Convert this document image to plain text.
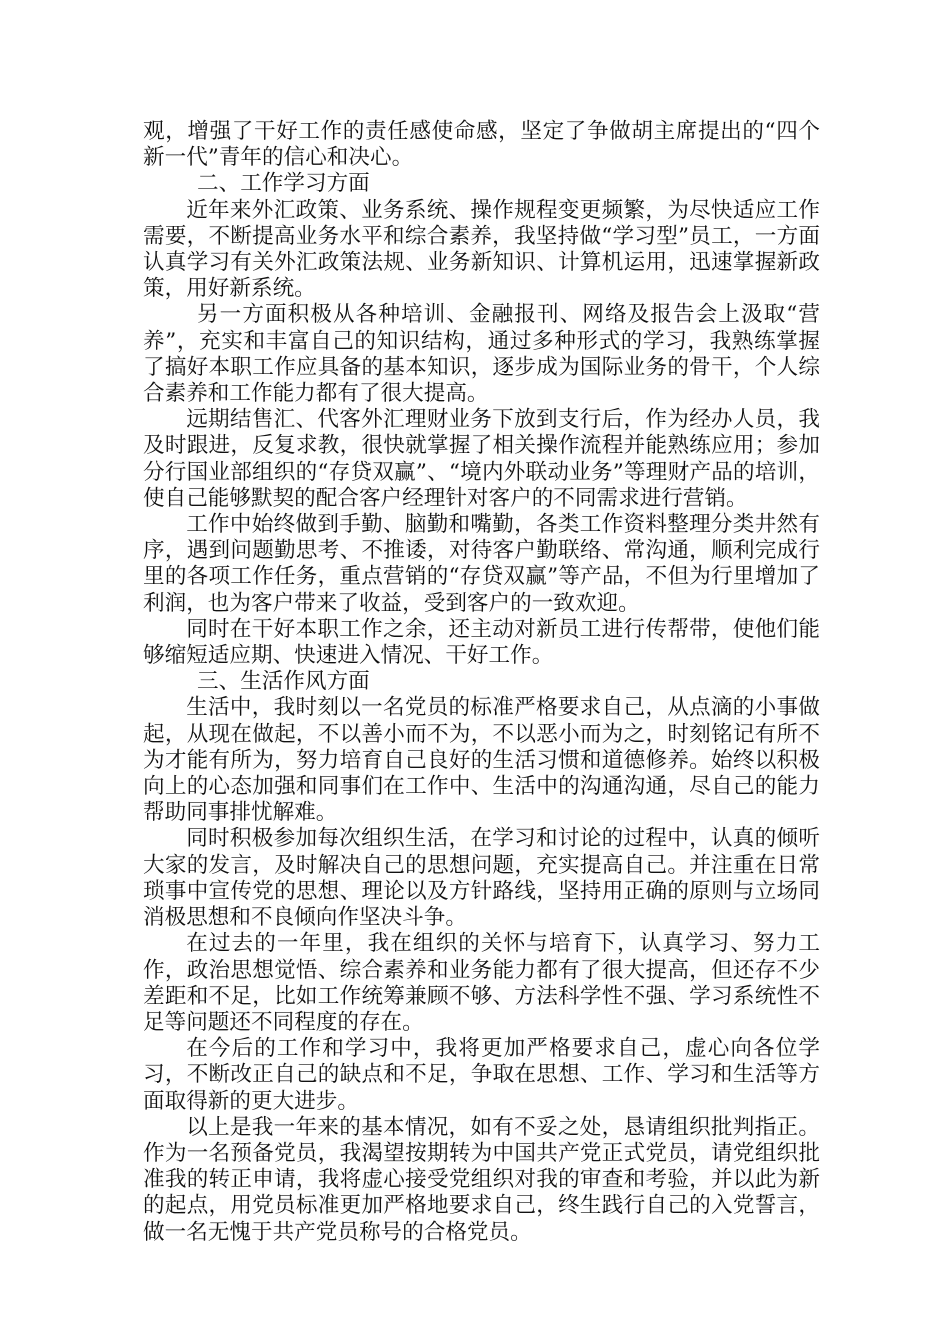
观，增强了干好工作的责任感使命感，坚定了争做胡主席提出的“四个新一代”青年的信心和决心。

二、工作学习方面

近年来外汇政策、业务系统、操作规程变更频繁，为尽快适应工作需要，不断提高业务水平和综合素养，我坚持做“学习型”员工，一方面认真学习有关外汇政策法规、业务新知识、计算机运用，迅速掌握新政策，用好新系统。

另一方面积极从各种培训、金融报刊、网络及报告会上汲取“营养”，充实和丰富自己的知识结构，通过多种形式的学习，我熟练掌握了搞好本职工作应具备的基本知识，逐步成为国际业务的骨干，个人综合素养和工作能力都有了很大提高。

远期结售汇、代客外汇理财业务下放到支行后，作为经办人员，我及时跟进，反复求教，很快就掌握了相关操作流程并能熟练应用；参加分行国业部组织的“存贷双赢”、“境内外联动业务”等理财产品的培训，使自己能够默契的配合客户经理针对客户的不同需求进行营销。

工作中始终做到手勤、脑勤和嘴勤，各类工作资料整理分类井然有序，遇到问题勤思考、不推诿，对待客户勤联络、常沟通，顺利完成行里的各项工作任务，重点营销的“存贷双赢”等产品，不但为行里增加了利润，也为客户带来了收益，受到客户的一致欢迎。

同时在干好本职工作之余，还主动对新员工进行传帮带，使他们能够缩短适应期、快速进入情况、干好工作。

三、生活作风方面

生活中，我时刻以一名党员的标准严格要求自己，从点滴的小事做起，从现在做起，不以善小而不为，不以恶小而为之，时刻铭记有所不为才能有所为，努力培育自己良好的生活习惯和道德修养。始终以积极向上的心态加强和同事们在工作中、生活中的沟通沟通，尽自己的能力帮助同事排忧解难。

同时积极参加每次组织生活，在学习和讨论的过程中，认真的倾听大家的发言，及时解决自己的思想问题，充实提高自己。并注重在日常琐事中宣传党的思想、理论以及方针路线，坚持用正确的原则与立场同消极思想和不良倾向作坚决斗争。

在过去的一年里，我在组织的关怀与培育下，认真学习、努力工作，政治思想觉悟、综合素养和业务能力都有了很大提高，但还存不少差距和不足，比如工作统筹兼顾不够、方法科学性不强、学习系统性不足等问题还不同程度的存在。

在今后的工作和学习中，我将更加严格要求自己，虚心向各位学习，不断改正自己的缺点和不足，争取在思想、工作、学习和生活等方面取得新的更大进步。

以上是我一年来的基本情况，如有不妥之处，恳请组织批判指正。作为一名预备党员，我渴望按期转为中国共产党正式党员，请党组织批准我的转正申请，我将虚心接受党组织对我的审查和考验，并以此为新的起点，用党员标准更加严格地要求自己，终生践行自己的入党誓言，做一名无愧于共产党员称号的合格党员。
